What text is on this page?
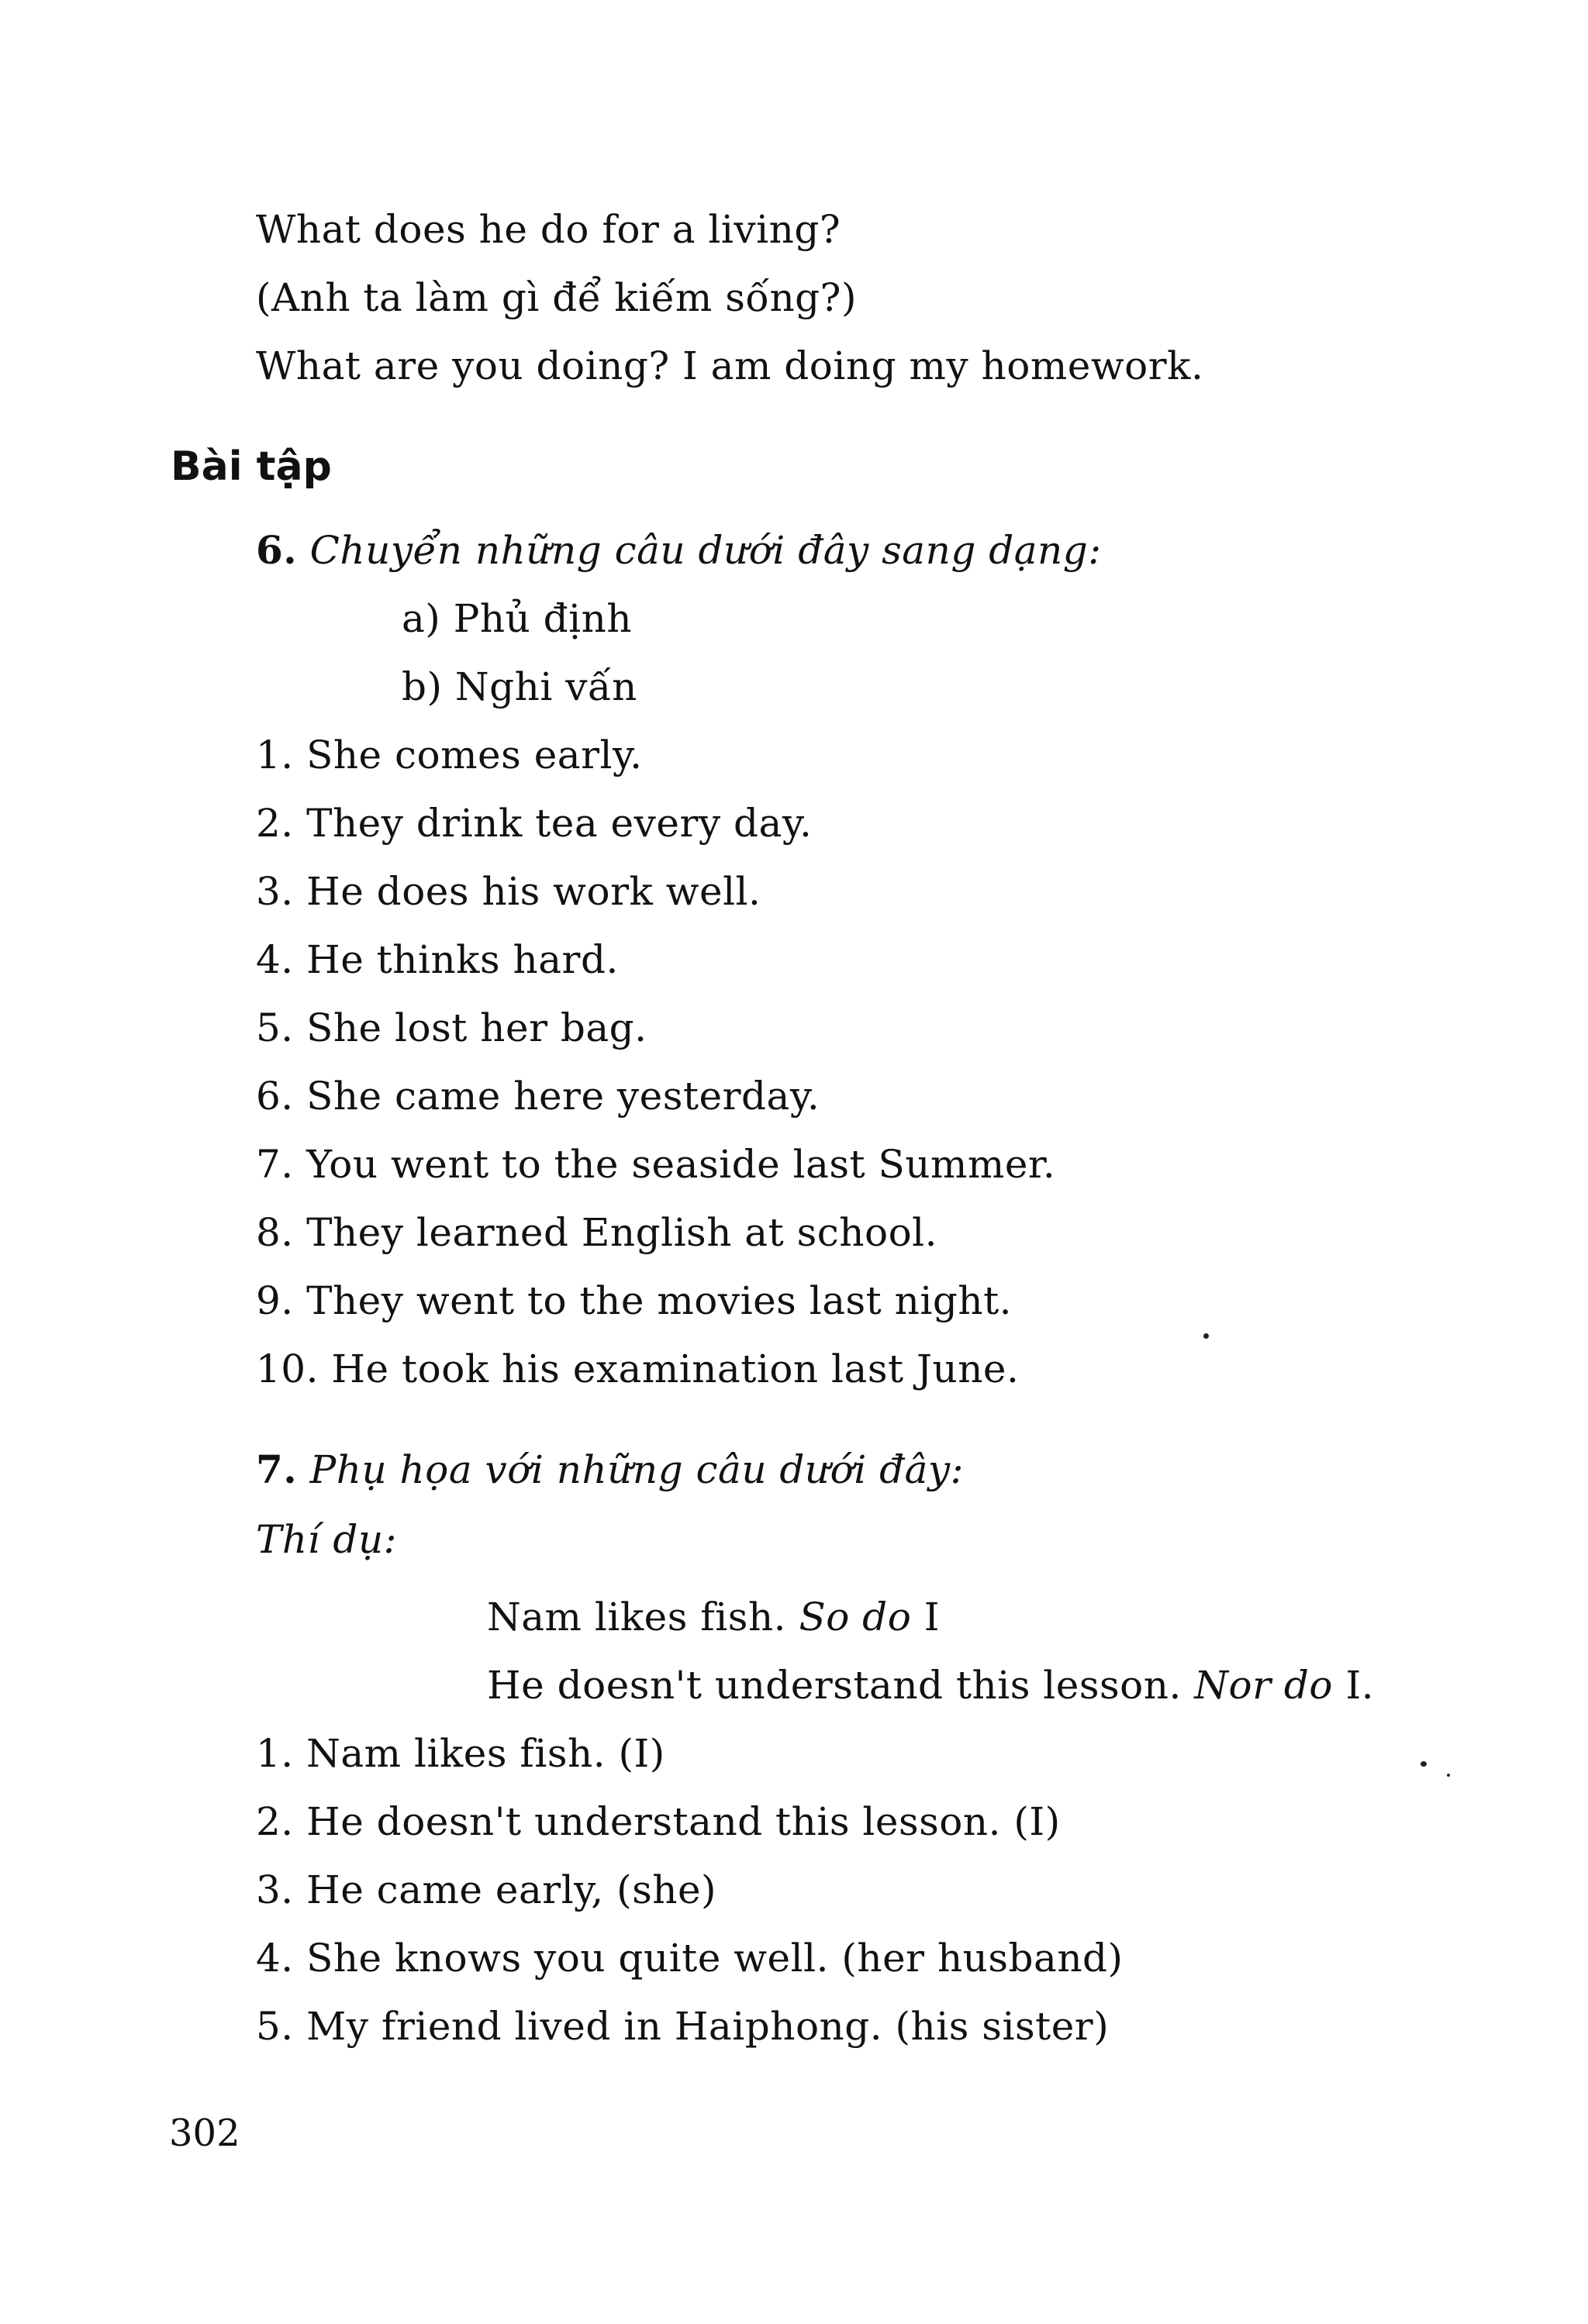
What does he do for a living?
(Anh ta làm gì để kiếm sống?)
What are you doing? I am doing my homework.
Bài tập
6. Chuyển những câu dưới đây sang dạng:
a) Phủ định
b) Nghi vấn
1. She comes early.
2. They drink tea every day.
3. He does his work well.
4. He thinks hard.
5. She lost her bag.
6. She came here yesterday.
7. You went to the seaside last Summer.
8. They learned English at school.
9. They went to the movies last night.
10. He took his examination last June.
7. Phụ họa với những câu dưới đây:
Thí dụ:
Nam likes fish. So do I
He doesn't understand this lesson. Nor do I.
1. Nam likes fish. (I)
2. He doesn't understand this lesson. (I)
3. He came early, (she)
4. She knows you quite well. (her husband)
5. My friend lived in Haiphong. (his sister)
302
